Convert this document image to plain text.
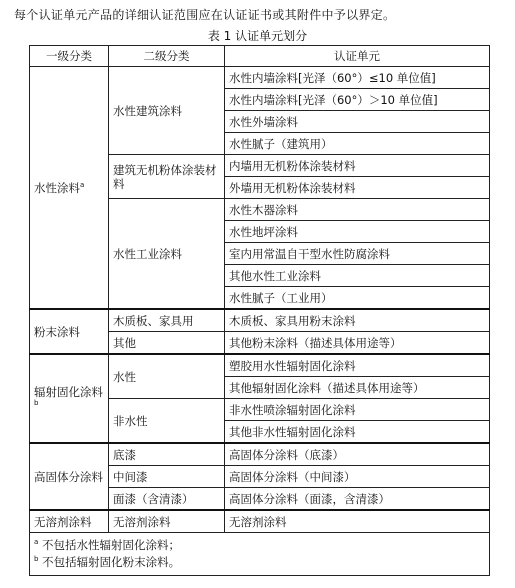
每个认证单元产品的详细认证范围应在认证证书或其附件中予以界定。
表 1 认证单元划分
一级分类	二级分类	认证单元
水性涂料$^a$	水性建筑涂料	水性内墙涂料[光泽（60°）≤10 单位值]
		水性内墙涂料[光泽（60°）＞10 单位值]
		水性外墙涂料
		水性腻子（建筑用）
	建筑无机粉体涂装材料	内墙用无机粉体涂装材料
		外墙用无机粉体涂装材料
	水性工业涂料	水性木器涂料
		水性地坪涂料
		室内用常温自干型水性防腐涂料
		其他水性工业涂料
		水性腻子（工业用）
粉末涂料	木质板、家具用	木质板、家具用粉末涂料
	其他	其他粉末涂料（描述具体用途等）
辐射固化涂料$^b$	水性	塑胶用水性辐射固化涂料
		其他辐射固化涂料（描述具体用途等）
	非水性	非水性喷涂辐射固化涂料
		其他非水性辐射固化涂料
高固体分涂料	底漆	高固体分涂料（底漆）
	中间漆	高固体分涂料（中间漆）
	面漆（含清漆）	高固体分涂料（面漆，含清漆）
无溶剂涂料	无溶剂涂料	无溶剂涂料

$^a$ 不包括水性辐射固化涂料；
$^b$ 不包括辐射固化粉末涂料。		
